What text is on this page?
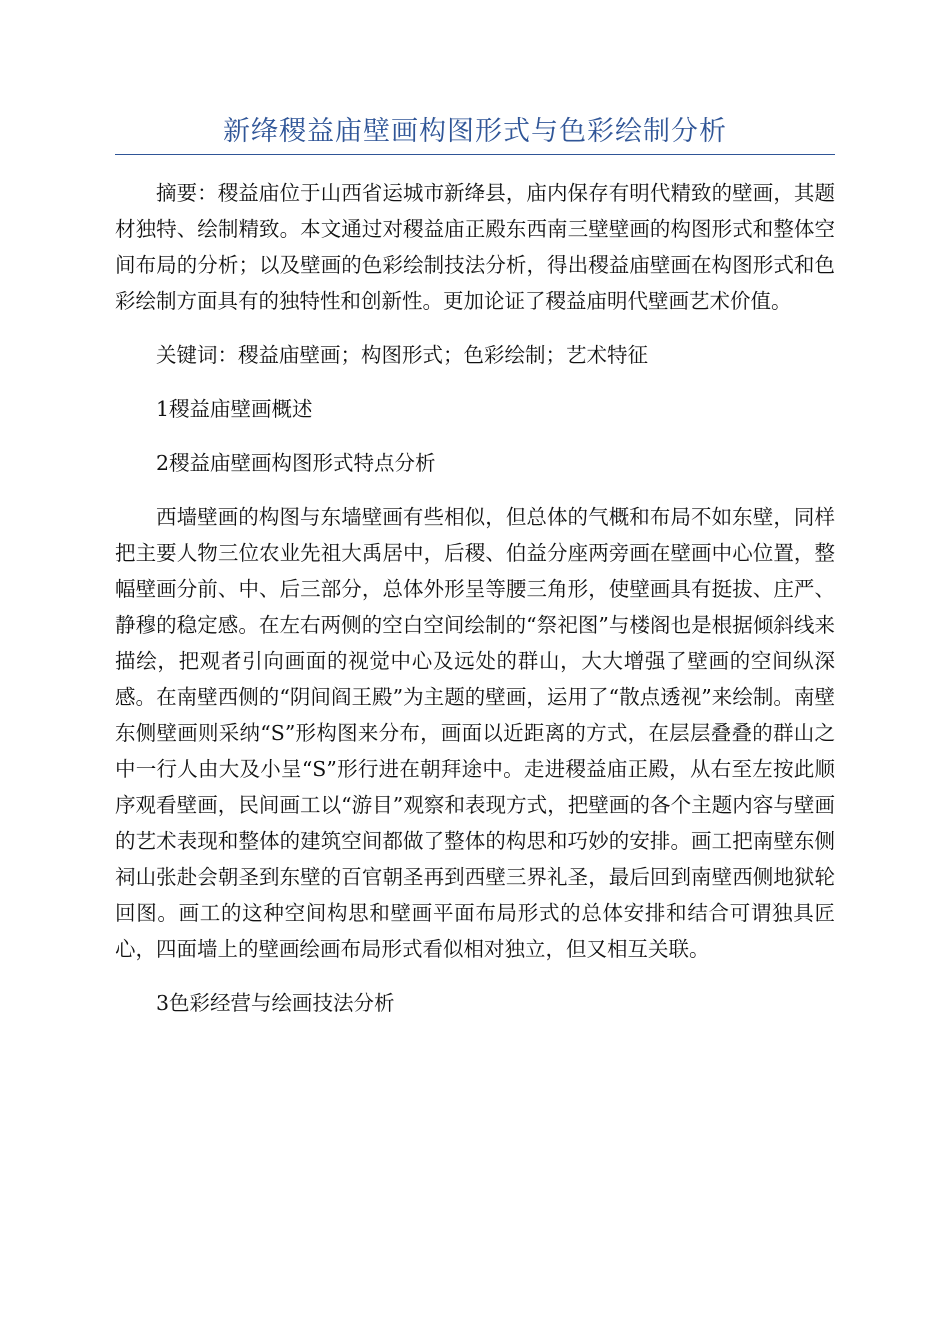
新绛稷益庙壁画构图形式与色彩绘制分析

摘要：稷益庙位于山西省运城市新绛县，庙内保存有明代精致的壁画，其题材独特、绘制精致。本文通过对稷益庙正殿东西南三壁壁画的构图形式和整体空间布局的分析；以及壁画的色彩绘制技法分析，得出稷益庙壁画在构图形式和色彩绘制方面具有的独特性和创新性。更加论证了稷益庙明代壁画艺术价值。

关键词：稷益庙壁画；构图形式；色彩绘制；艺术特征

1稷益庙壁画概述

2稷益庙壁画构图形式特点分析

西墙壁画的构图与东墙壁画有些相似，但总体的气概和布局不如东壁，同样把主要人物三位农业先祖大禹居中，后稷、伯益分座两旁画在壁画中心位置，整幅壁画分前、中、后三部分，总体外形呈等腰三角形，使壁画具有挺拔、庄严、静穆的稳定感。在左右两侧的空白空间绘制的“祭祀图”与楼阁也是根据倾斜线来描绘，把观者引向画面的视觉中心及远处的群山，大大增强了壁画的空间纵深感。在南壁西侧的“阴间阎王殿”为主题的壁画，运用了“散点透视”来绘制。南壁东侧壁画则采纳“S”形构图来分布，画面以近距离的方式，在层层叠叠的群山之中一行人由大及小呈“S”形行进在朝拜途中。走进稷益庙正殿，从右至左按此顺序观看壁画，民间画工以“游目”观察和表现方式，把壁画的各个主题内容与壁画的艺术表现和整体的建筑空间都做了整体的构思和巧妙的安排。画工把南壁东侧祠山张赴会朝圣到东壁的百官朝圣再到西壁三界礼圣，最后回到南壁西侧地狱轮回图。画工的这种空间构思和壁画平面布局形式的总体安排和结合可谓独具匠心，四面墙上的壁画绘画布局形式看似相对独立，但又相互关联。

3色彩经营与绘画技法分析
